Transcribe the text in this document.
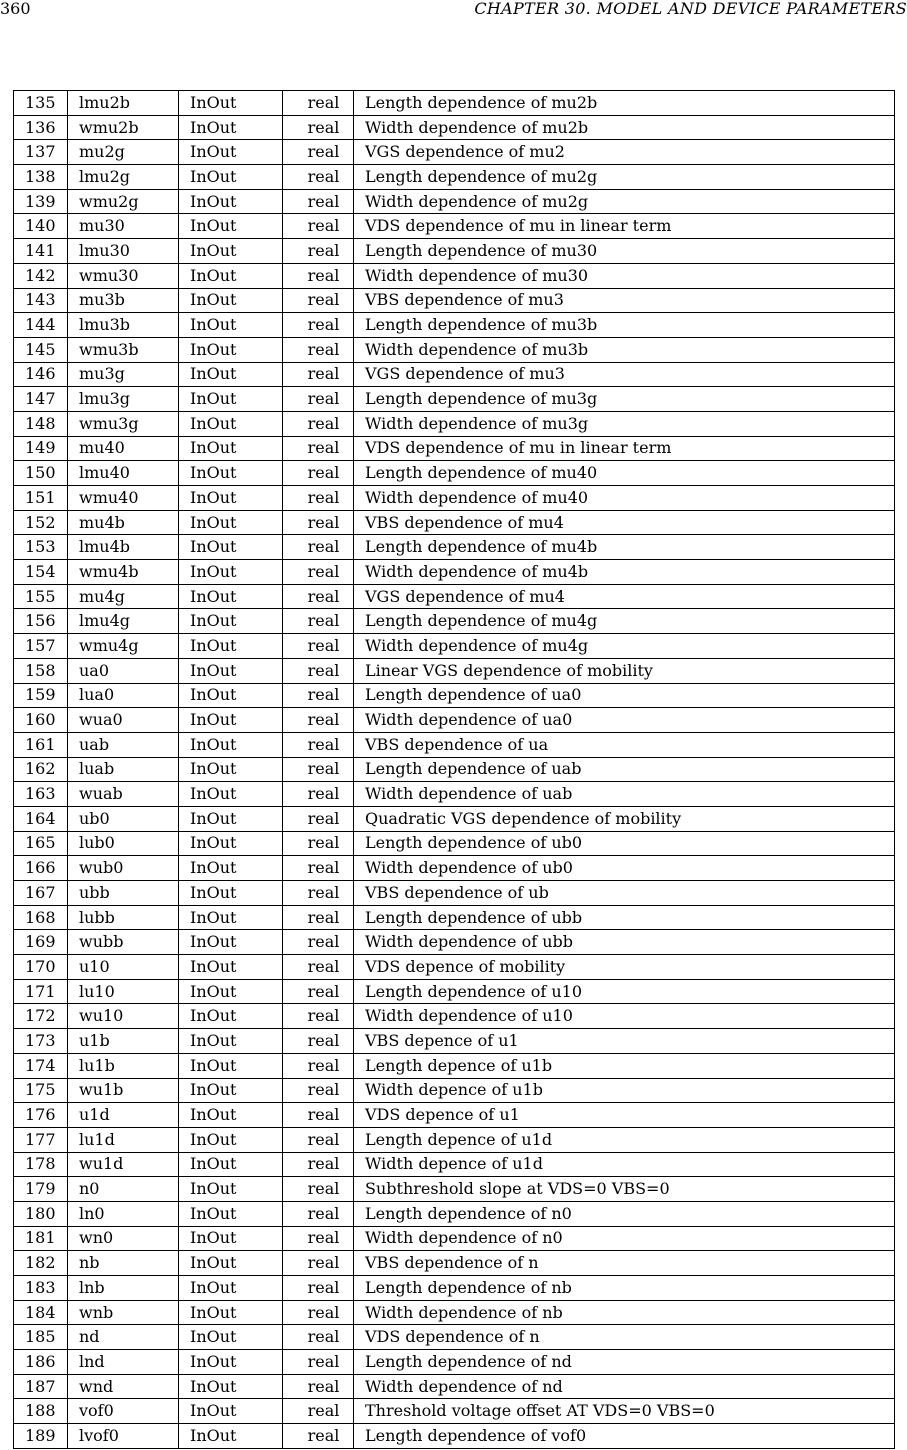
360	CHAPTER 30. MODEL AND DEVICE PARAMETERS
135	lmu2b	InOut	real	Length dependence of mu2b
136	wmu2b	InOut	real	Width dependence of mu2b
137	mu2g	InOut	real	VGS dependence of mu2
138	lmu2g	InOut	real	Length dependence of mu2g
139	wmu2g	InOut	real	Width dependence of mu2g
140	mu30	InOut	real	VDS dependence of mu in linear term
141	lmu30	InOut	real	Length dependence of mu30
142	wmu30	InOut	real	Width dependence of mu30
143	mu3b	InOut	real	VBS dependence of mu3
144	lmu3b	InOut	real	Length dependence of mu3b
145	wmu3b	InOut	real	Width dependence of mu3b
146	mu3g	InOut	real	VGS dependence of mu3
147	lmu3g	InOut	real	Length dependence of mu3g
148	wmu3g	InOut	real	Width dependence of mu3g
149	mu40	InOut	real	VDS dependence of mu in linear term
150	lmu40	InOut	real	Length dependence of mu40
151	wmu40	InOut	real	Width dependence of mu40
152	mu4b	InOut	real	VBS dependence of mu4
153	lmu4b	InOut	real	Length dependence of mu4b
154	wmu4b	InOut	real	Width dependence of mu4b
155	mu4g	InOut	real	VGS dependence of mu4
156	lmu4g	InOut	real	Length dependence of mu4g
157	wmu4g	InOut	real	Width dependence of mu4g
158	ua0	InOut	real	Linear VGS dependence of mobility
159	lua0	InOut	real	Length dependence of ua0
160	wua0	InOut	real	Width dependence of ua0
161	uab	InOut	real	VBS dependence of ua
162	luab	InOut	real	Length dependence of uab
163	wuab	InOut	real	Width dependence of uab
164	ub0	InOut	real	Quadratic VGS dependence of mobility
165	lub0	InOut	real	Length dependence of ub0
166	wub0	InOut	real	Width dependence of ub0
167	ubb	InOut	real	VBS dependence of ub
168	lubb	InOut	real	Length dependence of ubb
169	wubb	InOut	real	Width dependence of ubb
170	u10	InOut	real	VDS depence of mobility
171	lu10	InOut	real	Length dependence of u10
172	wu10	InOut	real	Width dependence of u10
173	u1b	InOut	real	VBS depence of u1
174	lu1b	InOut	real	Length depence of u1b
175	wu1b	InOut	real	Width depence of u1b
176	u1d	InOut	real	VDS depence of u1
177	lu1d	InOut	real	Length depence of u1d
178	wu1d	InOut	real	Width depence of u1d
179	n0	InOut	real	Subthreshold slope at VDS=0 VBS=0
180	ln0	InOut	real	Length dependence of n0
181	wn0	InOut	real	Width dependence of n0
182	nb	InOut	real	VBS dependence of n
183	lnb	InOut	real	Length dependence of nb
184	wnb	InOut	real	Width dependence of nb
185	nd	InOut	real	VDS dependence of n
186	lnd	InOut	real	Length dependence of nd
187	wnd	InOut	real	Width dependence of nd
188	vof0	InOut	real	Threshold voltage offset AT VDS=0 VBS=0
189	lvof0	InOut	real	Length dependence of vof0
